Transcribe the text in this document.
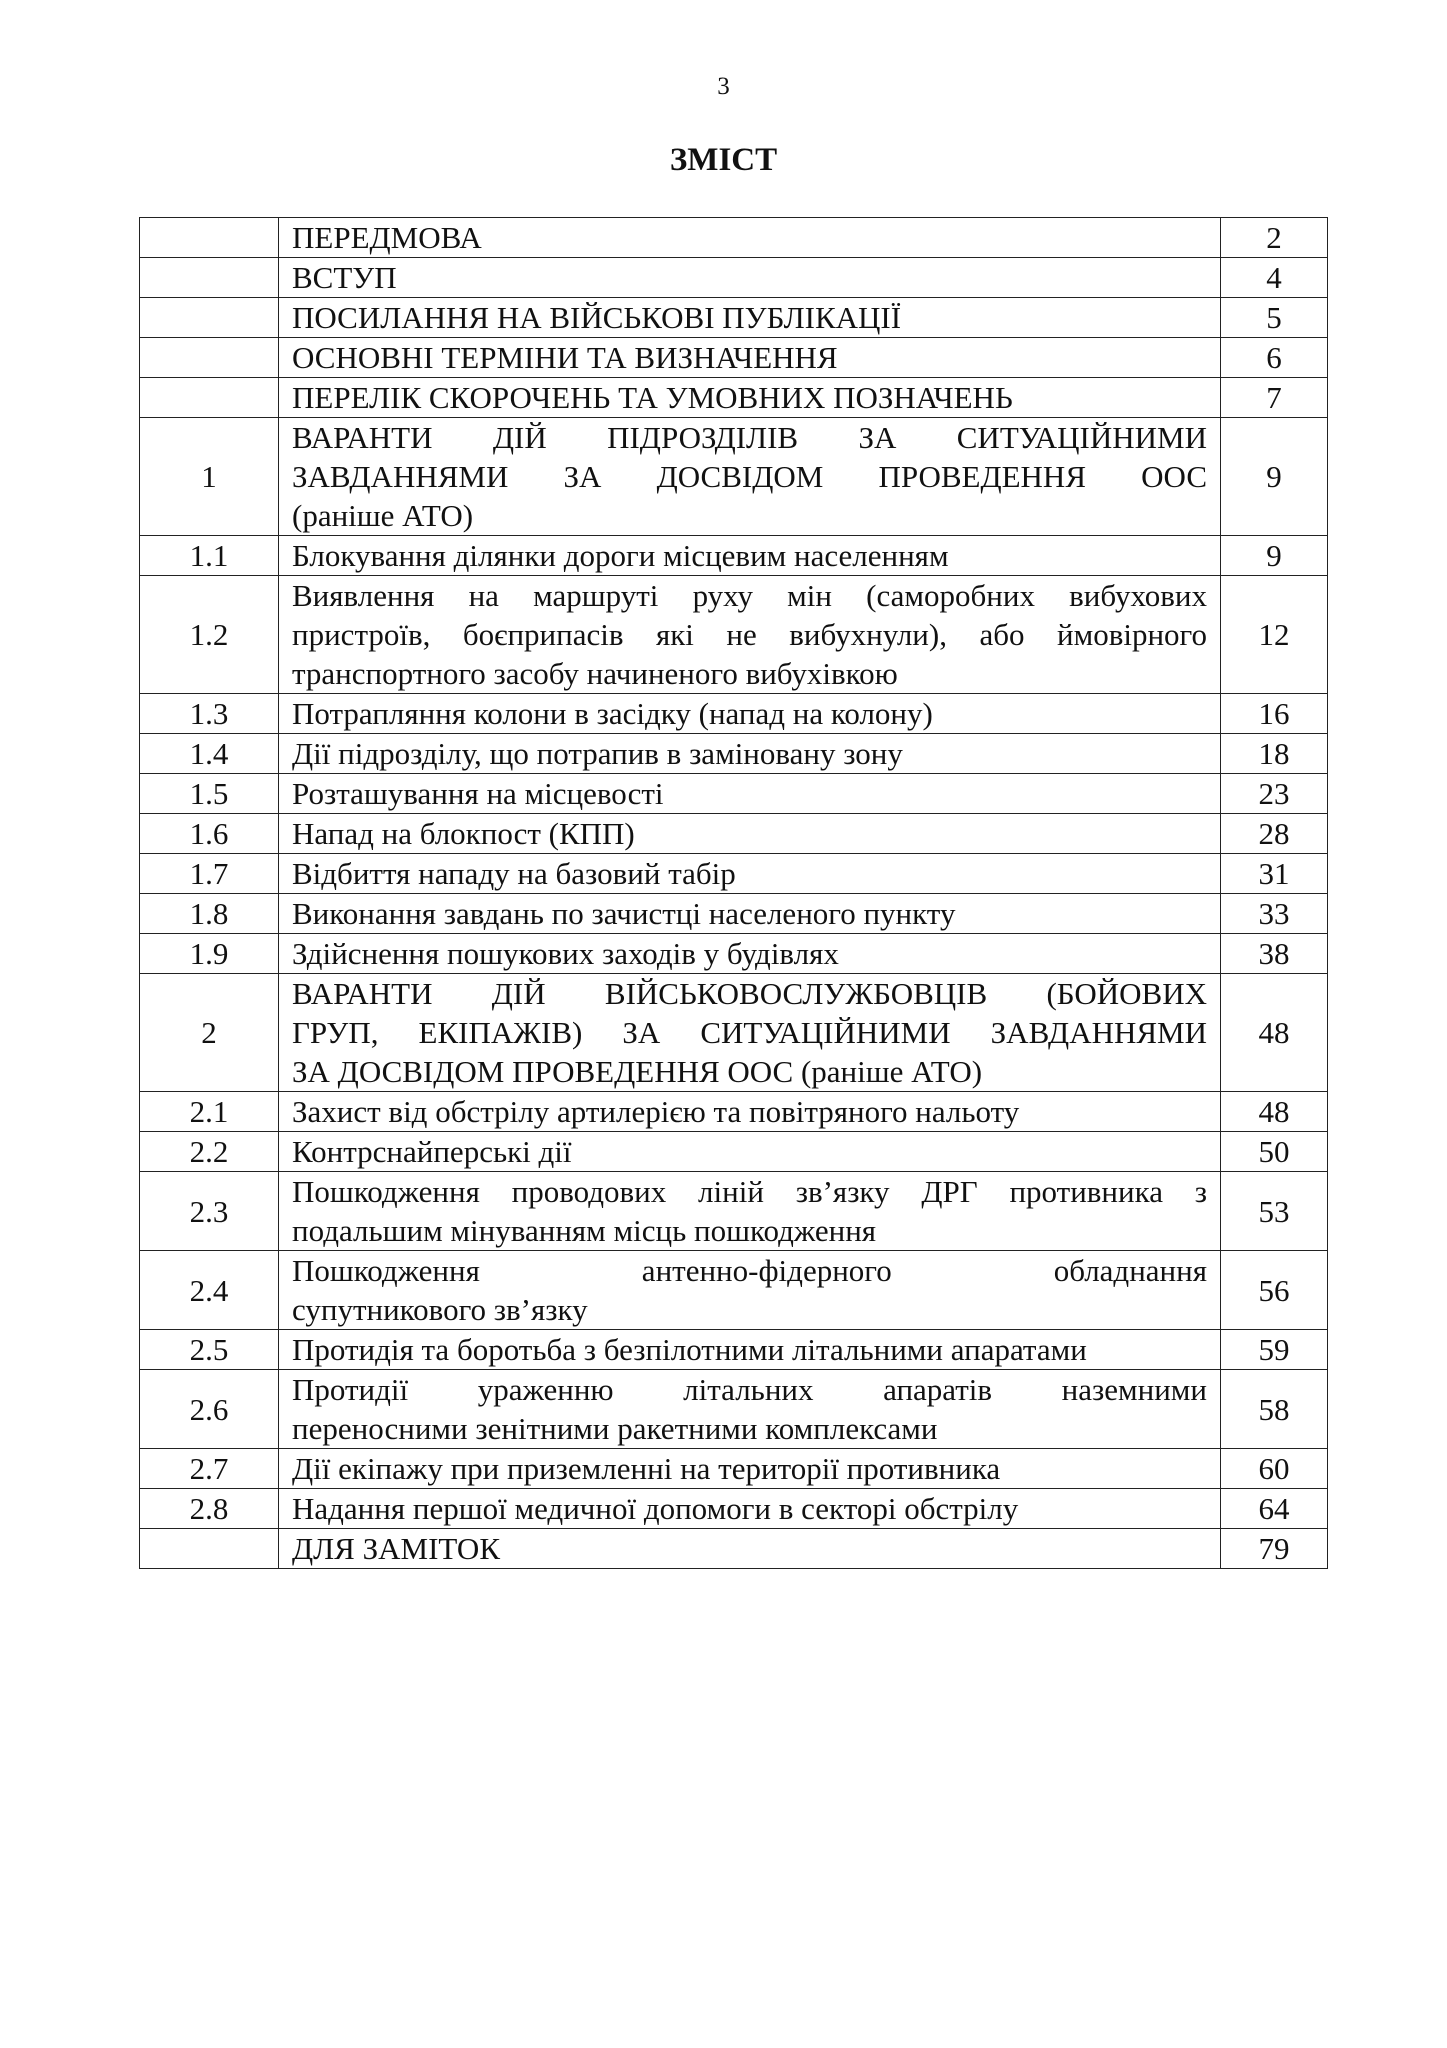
3
ЗМІСТ

	ПЕРЕДМОВА	2

	ВСТУП	4

	ПОСИЛАННЯ НА ВІЙСЬКОВІ ПУБЛІКАЦІЇ	5

	ОСНОВНІ ТЕРМІНИ ТА ВИЗНАЧЕННЯ	6

	ПЕРЕЛІК СКОРОЧЕНЬ ТА УМОВНИХ ПОЗНАЧЕНЬ	7
1	ВАРАНТИ ДІЙ ПІДРОЗДІЛІВ ЗА СИТУАЦІЙНИМИ
ЗАВДАННЯМИ ЗА ДОСВІДОМ ПРОВЕДЕННЯ ООС
(раніше АТО)	9
1.1	Блокування ділянки дороги місцевим населенням	9
1.2	Виявлення на маршруті руху мін (саморобних вибухових
пристроїв, боєприпасів які не вибухнули), або ймовірного
транспортного засобу начиненого вибухівкою	12
1.3	Потрапляння колони в засідку (напад на колону)	16
1.4	Дії підрозділу, що потрапив в заміновану зону	18
1.5	Розташування на місцевості	23
1.6	Напад на блокпост (КПП)	28
1.7	Відбиття нападу на базовий табір	31
1.8	Виконання завдань по зачистці населеного пункту	33
1.9	Здійснення пошукових заходів у будівлях	38
2	ВАРАНТИ ДІЙ ВІЙСЬКОВОСЛУЖБОВЦІВ (БОЙОВИХ
ГРУП, ЕКІПАЖІВ) ЗА СИТУАЦІЙНИМИ ЗАВДАННЯМИ
ЗА ДОСВІДОМ ПРОВЕДЕННЯ ООС (раніше АТО)	48
2.1	Захист від обстрілу артилерією та повітряного нальоту	48
2.2	Контрснайперські дії	50
2.3	Пошкодження проводових ліній зв’язку ДРГ противника з
подальшим мінуванням місць пошкодження	53
2.4	Пошкодження антенно-фідерного обладнання
супутникового зв’язку	56
2.5	Протидія та боротьба з безпілотними літальними апаратами	59
2.6	Протидії ураженню літальних апаратів наземними
переносними зенітними ракетними комплексами	58
2.7	Дії екіпажу при приземленні на території противника	60
2.8	Надання першої медичної допомоги в секторі обстрілу	64

	ДЛЯ ЗАМІТОК	79
